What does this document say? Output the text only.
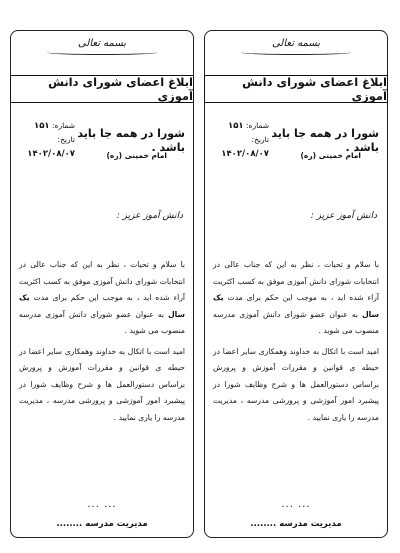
بسمه تعالی
ابلاغ اعضای شورای دانش آموزی
شماره: ۱۵۱
تاریخ: ۱۴۰۲/۰۸/۰۷
شورا در همه جا باید باشد .
امام خمینی (ره)
دانش آموز عزیز :

با سلام و تحیات ، نظر به این که جناب عالی در انتخابات شورای دانش آموزی موفق به کسب اکثریت آراء شده اید ، به موجب این حکم برای مدت یک سال به عنوان عضو شورای دانش آموزی مدرسه منصوب می شوید .

امید است با اتکال به خداوند وهمکاری سایر اعضا در حیطه ی قوانین و مقررات آموزش و پرورش براساس دستورالعمل ها و شرح وظایف شورا در پیشبرد امور آموزشی و پرورشی مدرسه ، مدیریت مدرسه را یاری نمایید .

... ...
مدیریت مدرسه ........
بسمه تعالی
ابلاغ اعضای شورای دانش آموزی
شماره: ۱۵۱
تاریخ: ۱۴۰۲/۰۸/۰۷
شورا در همه جا باید باشد .
امام خمینی (ره)
دانش آموز عزیز :

با سلام و تحیات ، نظر به این که جناب عالی در انتخابات شورای دانش آموزی موفق به کسب اکثریت آراء شده اید ، به موجب این حکم برای مدت یک سال به عنوان عضو شورای دانش آموزی مدرسه منصوب می شوید .

امید است با اتکال به خداوند وهمکاری سایر اعضا در حیطه ی قوانین و مقررات آموزش و پرورش براساس دستورالعمل ها و شرح وظایف شورا در پیشبرد امور آموزشی و پرورشی مدرسه ، مدیریت مدرسه را یاری نمایید .

... ...
مدیریت مدرسه ........
